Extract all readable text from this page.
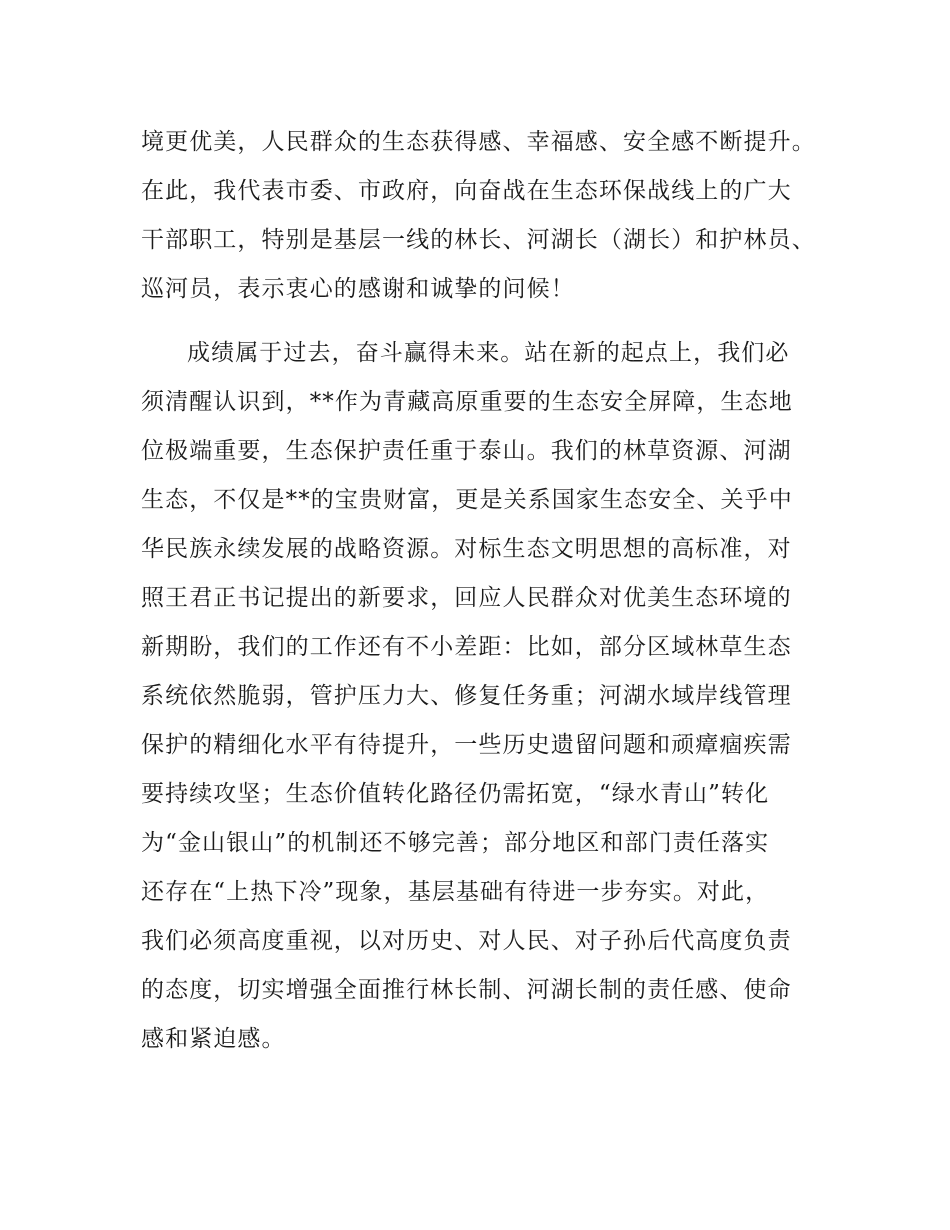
境更优美，人民群众的生态获得感、幸福感、安全感不断提升。
在此，我代表市委、市政府，向奋战在生态环保战线上的广大
干部职工，特别是基层一线的林长、河湖长（湖长）和护林员、
巡河员，表示衷心的感谢和诚挚的问候！
成绩属于过去，奋斗赢得未来。站在新的起点上，我们必
须清醒认识到，**作为青藏高原重要的生态安全屏障，生态地
位极端重要，生态保护责任重于泰山。我们的林草资源、河湖
生态，不仅是**的宝贵财富，更是关系国家生态安全、关乎中
华民族永续发展的战略资源。对标生态文明思想的高标准，对
照王君正书记提出的新要求，回应人民群众对优美生态环境的
新期盼，我们的工作还有不小差距：比如，部分区域林草生态
系统依然脆弱，管护压力大、修复任务重；河湖水域岸线管理
保护的精细化水平有待提升，一些历史遗留问题和顽瘴痼疾需
要持续攻坚；生态价值转化路径仍需拓宽，“绿水青山”转化
为“金山银山”的机制还不够完善；部分地区和部门责任落实
还存在“上热下冷”现象，基层基础有待进一步夯实。对此，
我们必须高度重视，以对历史、对人民、对子孙后代高度负责
的态度，切实增强全面推行林长制、河湖长制的责任感、使命
感和紧迫感。
